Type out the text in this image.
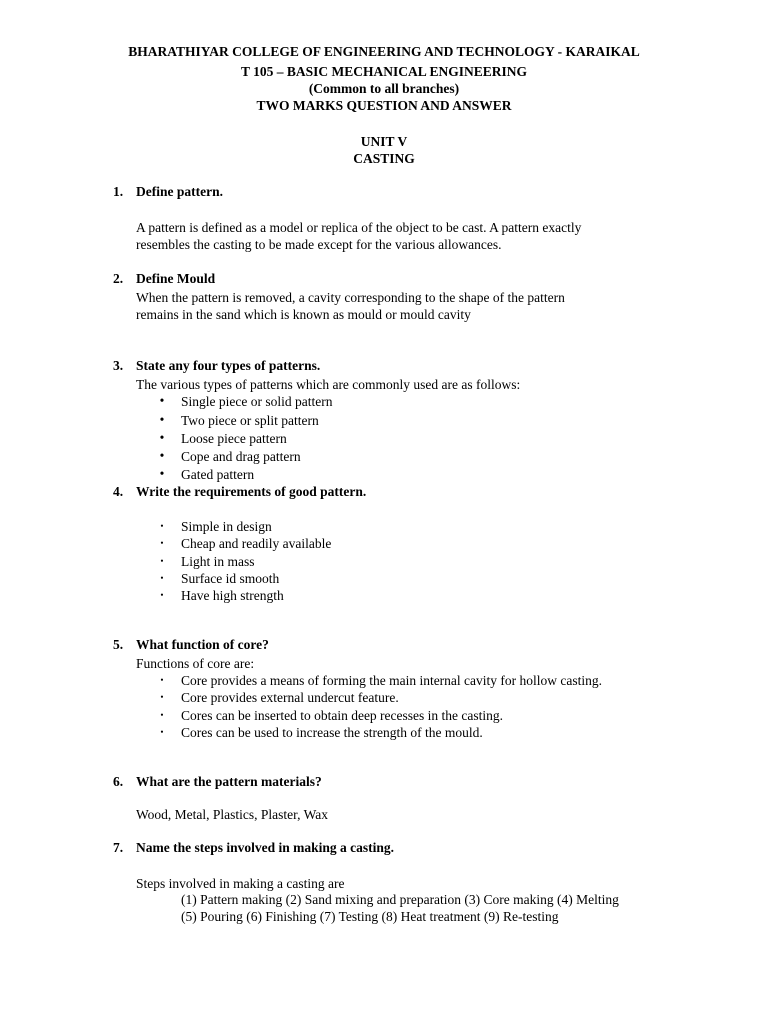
BHARATHIYAR COLLEGE OF ENGINEERING AND TECHNOLOGY - KARAIKAL
T 105 – BASIC MECHANICAL ENGINEERING
(Common to all branches)
TWO MARKS QUESTION AND ANSWER
UNIT V
CASTING
1. Define pattern.
A pattern is defined as a model or replica of the object to be cast. A pattern exactly
resembles the casting to be made except for the various allowances.
2. Define Mould
When the pattern is removed, a cavity corresponding to the shape of the pattern
remains in the sand which is known as mould or mould cavity
3. State any four types of patterns.
The various types of patterns which are commonly used are as follows:
•	Single piece or solid pattern
•	Two piece or split pattern
•	Loose piece pattern
•	Cope and drag pattern
•	Gated pattern
4. Write the requirements of good pattern.
•	Simple in design
•	Cheap and readily available
•	Light in mass
•	Surface id smooth
•	Have high strength
5. What function of core?
Functions of core are:
•	Core provides a means of forming the main internal cavity for hollow casting.
•	Core provides external undercut feature.
•	Cores can be inserted to obtain deep recesses in the casting.
•	Cores can be used to increase the strength of the mould.
6. What are the pattern materials?
Wood, Metal, Plastics, Plaster, Wax
7. Name the steps involved in making a casting.
Steps involved in making a casting are
(1) Pattern making (2) Sand mixing and preparation (3) Core making (4) Melting
(5) Pouring (6) Finishing (7) Testing (8) Heat treatment (9) Re-testing
